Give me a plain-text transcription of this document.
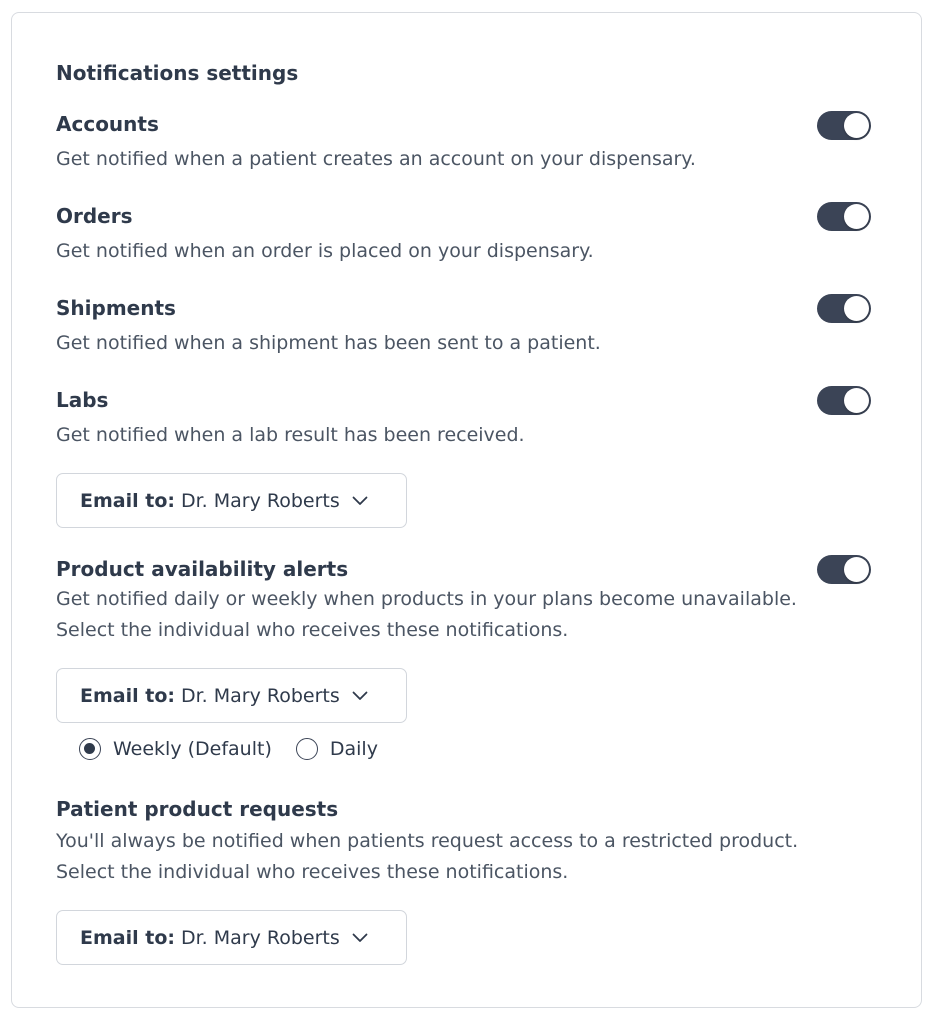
Notifications settings
Accounts
Get notified when a patient creates an account on your dispensary.
Orders
Get notified when an order is placed on your dispensary.
Shipments
Get notified when a shipment has been sent to a patient.
Labs
Get notified when a lab result has been received.
Email to: Dr. Mary Roberts
Product availability alerts
Get notified daily or weekly when products in your plans become unavailable.
Select the individual who receives these notifications.
Email to: Dr. Mary Roberts
Weekly (Default)	Daily
Patient product requests
You'll always be notified when patients request access to a restricted product.
Select the individual who receives these notifications.
Email to: Dr. Mary Roberts
